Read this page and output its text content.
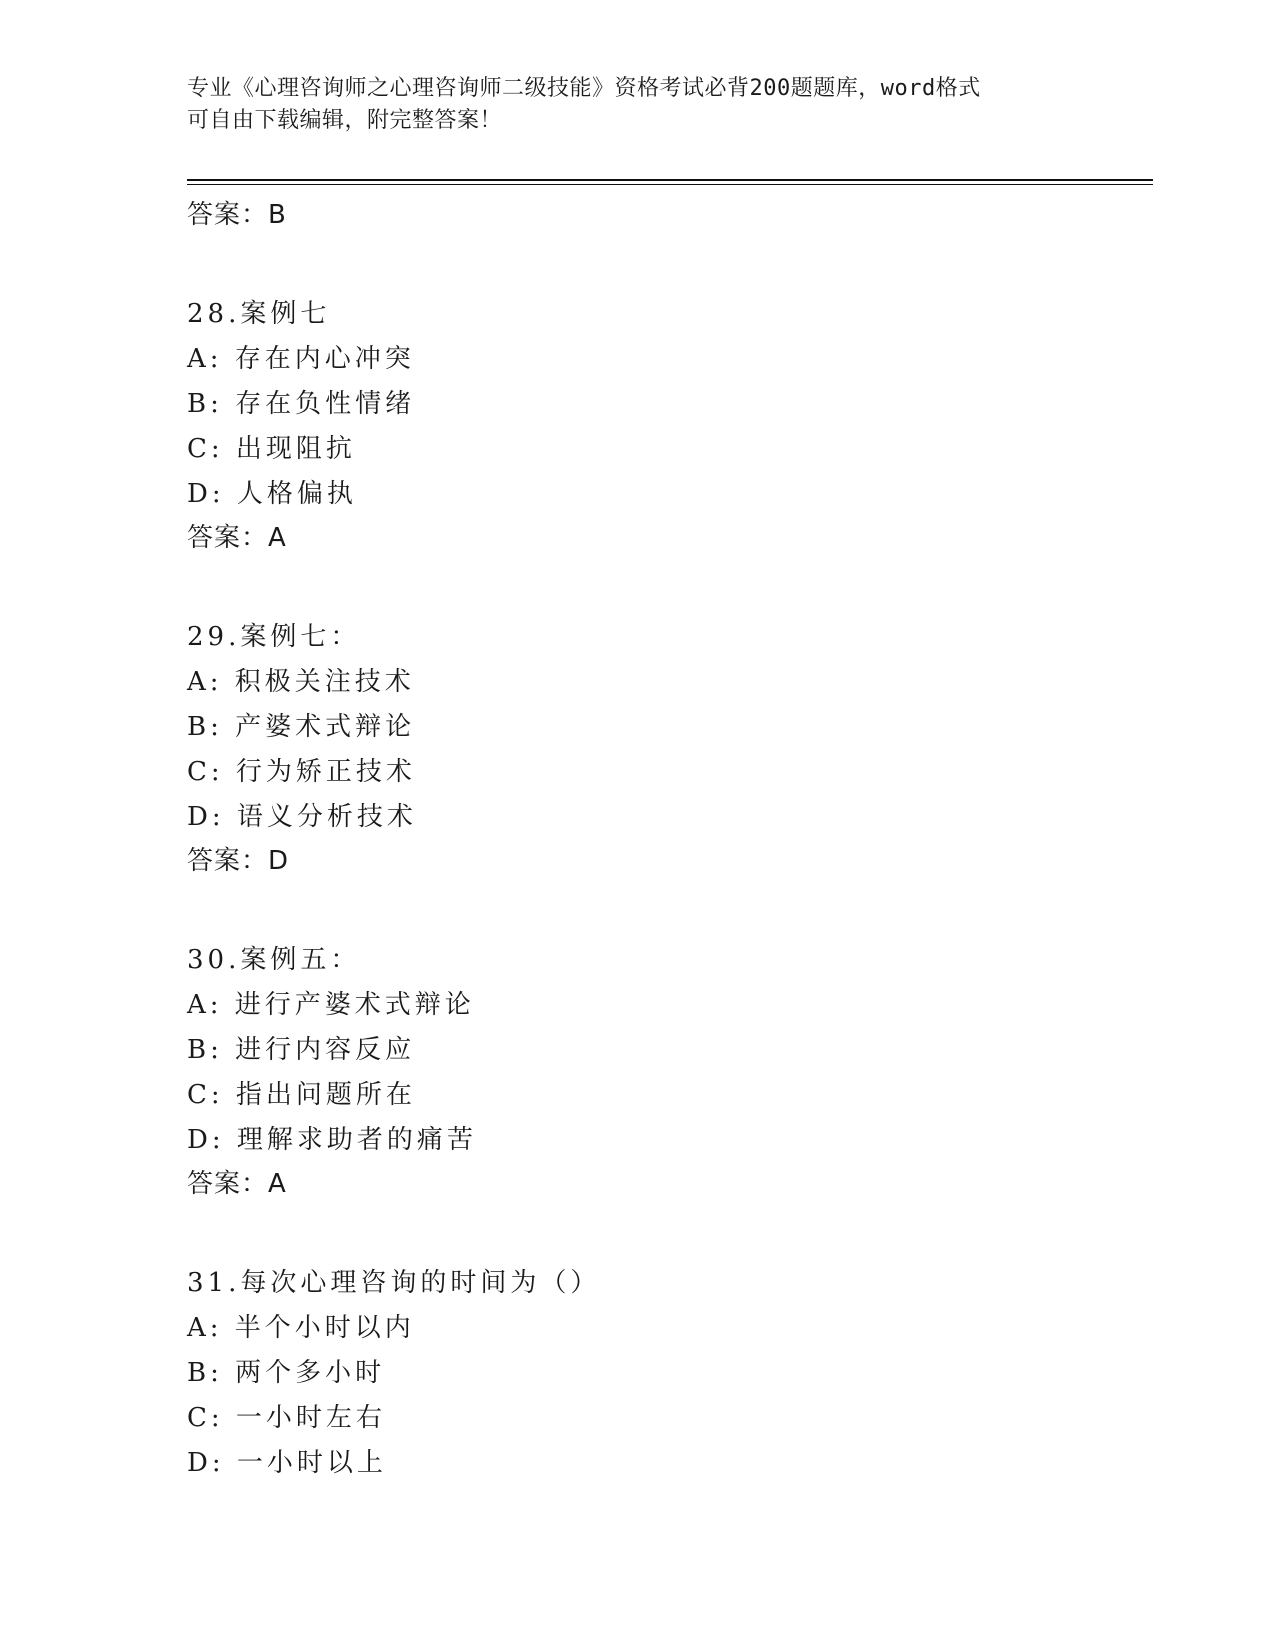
专业《心理咨询师之心理咨询师二级技能》资格考试必背200题题库，word格式
可自由下载编辑，附完整答案！
答案：B
28.案例七
A: 存在内心冲突
B: 存在负性情绪
C: 出现阻抗
D: 人格偏执
答案：A
29.案例七：
A: 积极关注技术
B: 产婆术式辩论
C: 行为矫正技术
D: 语义分析技术
答案：D
30.案例五：
A: 进行产婆术式辩论
B: 进行内容反应
C: 指出问题所在
D: 理解求助者的痛苦
答案：A
31.每次心理咨询的时间为（）
A: 半个小时以内
B: 两个多小时
C: 一小时左右
D: 一小时以上
